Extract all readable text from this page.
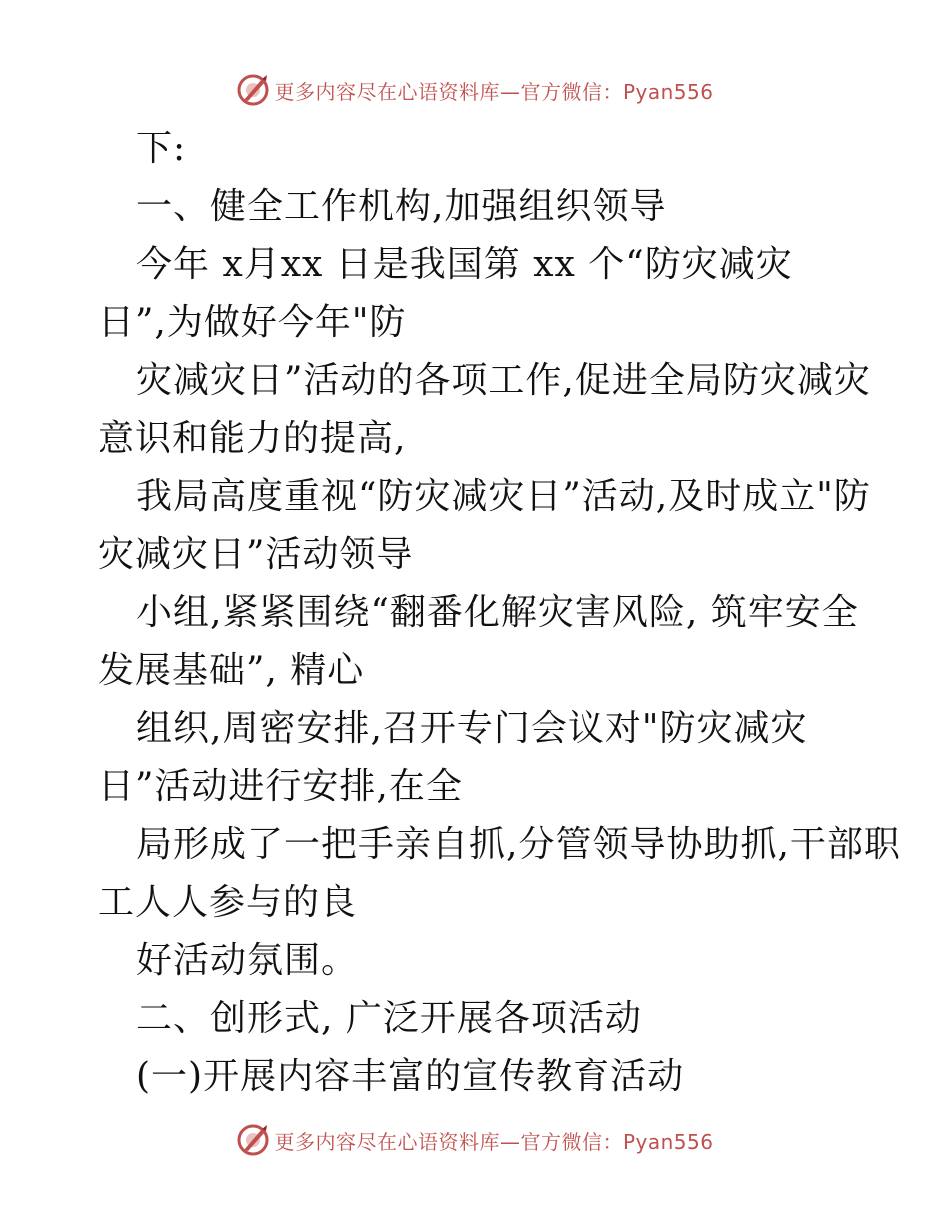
更多内容尽在心语资料库—官方微信：Pyan556
下:
一、健全工作机构,加强组织领导
今年 x月xx 日是我国第 xx 个“防灾减灾
日”,为做好今年"防
灾减灾日”活动的各项工作,促进全局防灾减灾
意识和能力的提高,
我局高度重视“防灾减灾日”活动,及时成立"防
灾减灾日”活动领导
小组,紧紧围绕“翻番化解灾害风险, 筑牢安全
发展基础”, 精心
组织,周密安排,召开专门会议对"防灾减灾
日”活动进行安排,在全
局形成了一把手亲自抓,分管领导协助抓,干部职
工人人参与的良
好活动氛围。
二、创形式, 广泛开展各项活动
(一)开展内容丰富的宣传教育活动
更多内容尽在心语资料库—官方微信：Pyan556
